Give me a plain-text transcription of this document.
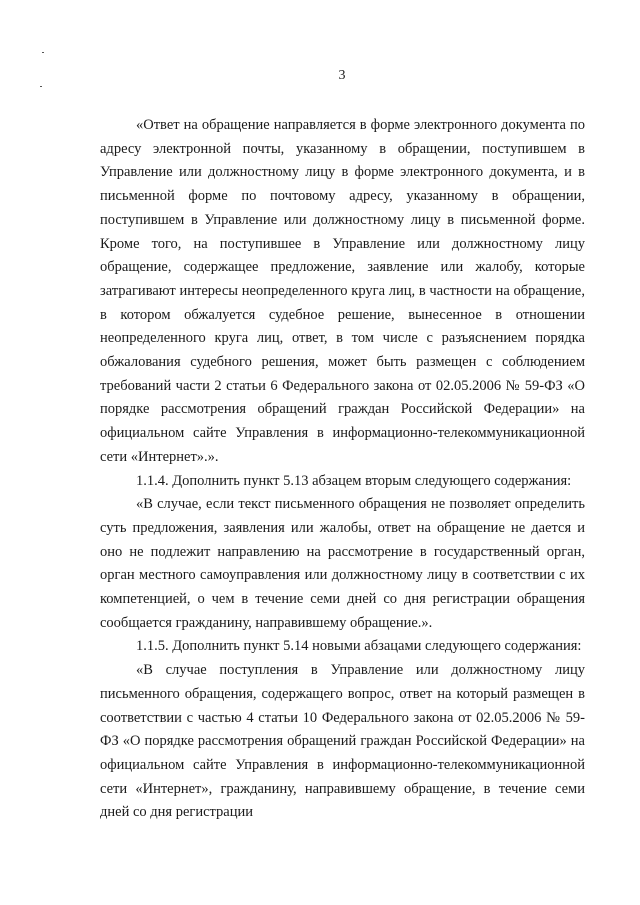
3

«Ответ на обращение направляется в форме электронного документа по адресу электронной почты, указанному в обращении, поступившем в Управление или должностному лицу в форме электронного документа, и в письменной форме по почтовому адресу, указанному в обращении, поступившем в Управление или должностному лицу в письменной форме. Кроме того, на поступившее в Управление или должностному лицу обращение, содержащее предложение, заявление или жалобу, которые затрагивают интересы неопределенного круга лиц, в частности на обращение, в котором обжалуется судебное решение, вынесенное в отношении неопределенного круга лиц, ответ, в том числе с разъяснением порядка обжалования судебного решения, может быть размещен с соблюдением требований части 2 статьи 6 Федерального закона от 02.05.2006 № 59-ФЗ «О порядке рассмотрения обращений граждан Российской Федерации» на официальном сайте Управления в информационно-телекоммуникационной сети «Интернет».».

1.1.4. Дополнить пункт 5.13 абзацем вторым следующего содержания:

«В случае, если текст письменного обращения не позволяет определить суть предложения, заявления или жалобы, ответ на обращение не дается и оно не подлежит направлению на рассмотрение в государственный орган, орган местного самоуправления или должностному лицу в соответствии с их компетенцией, о чем в течение семи дней со дня регистрации обращения сообщается гражданину, направившему обращение.».

1.1.5. Дополнить пункт 5.14 новыми абзацами следующего содержания:

«В случае поступления в Управление или должностному лицу письменного обращения, содержащего вопрос, ответ на который размещен в соответствии с частью 4 статьи 10 Федерального закона от 02.05.2006 № 59-ФЗ «О порядке рассмотрения обращений граждан Российской Федерации» на официальном сайте Управления в информационно-телекоммуникационной сети «Интернет», гражданину, направившему обращение, в течение семи дней со дня регистрации
